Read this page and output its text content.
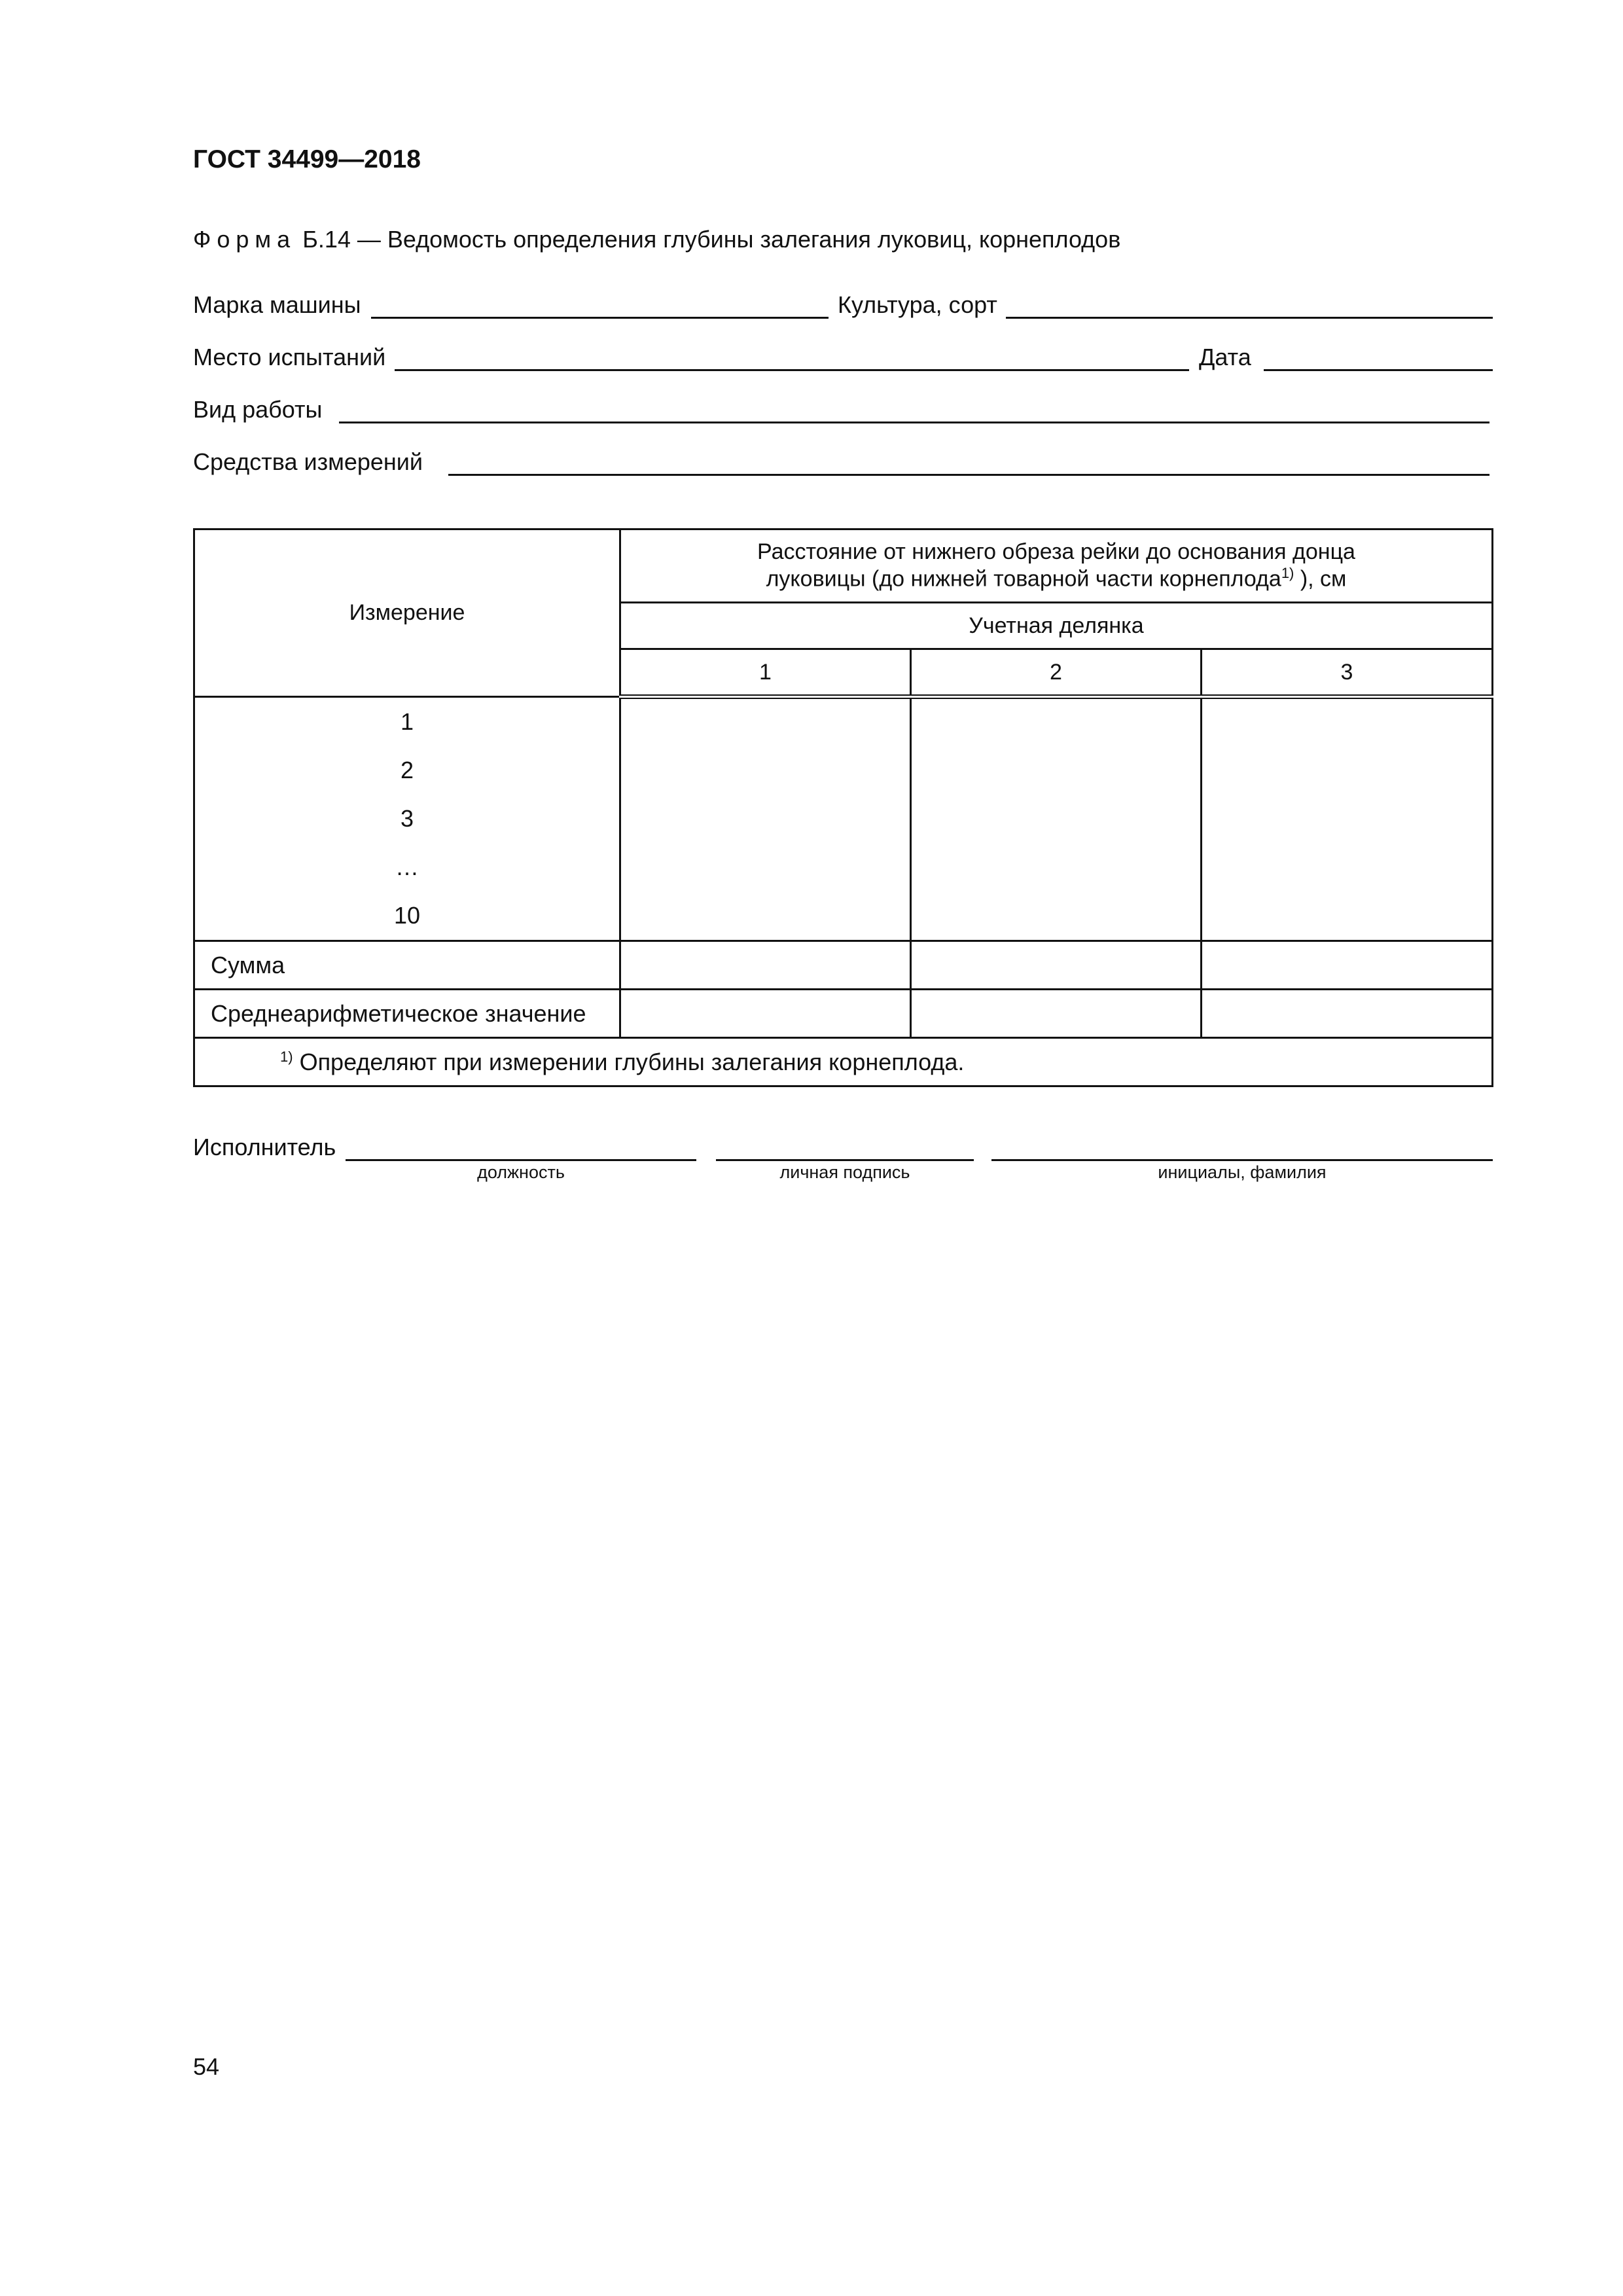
ГОСТ 34499—2018
Форма Б.14 — Ведомость определения глубины залегания луковиц, корнеплодов
Марка машины	Культура, сорт
Место испытаний	Дата
Вид работы
Средства измерений
Измерение	Расстояние от нижнего обреза рейки до основания донца
луковицы (до нижней товарной части корнеплода$^{1)}$ ), см		

	Учетная делянка		
	1	2	3

1
2
3
…
10			

Сумма			
Среднеарифметическое значение			
$^{1)}$ Определяют при измерении глубины залегания корнеплода.			
Исполнитель
должность	личная подпись	инициалы, фамилия
54
